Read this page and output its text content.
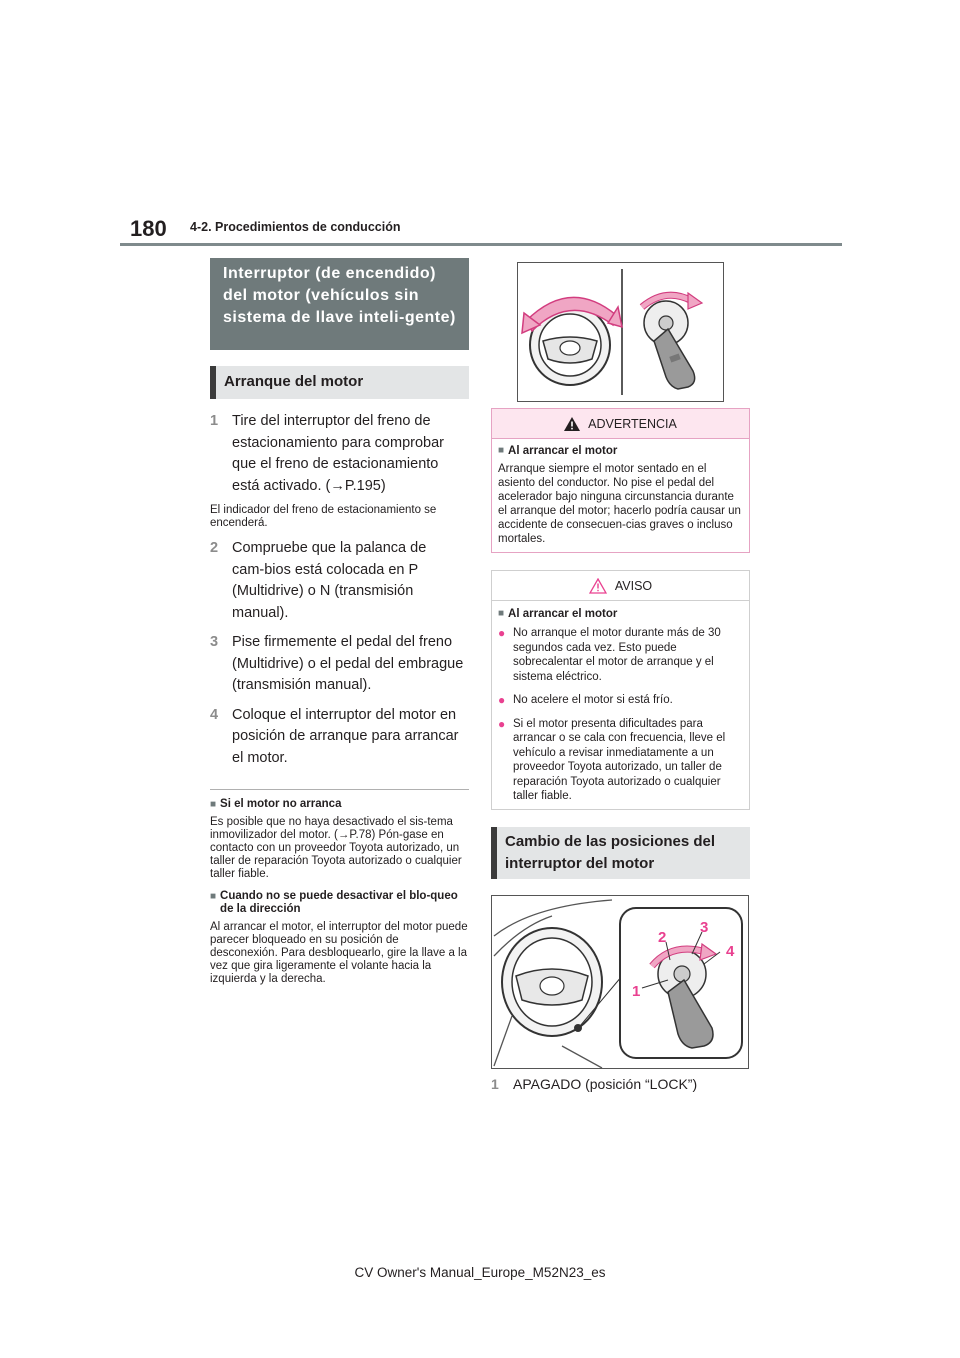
180 4-2. Procedimientos de conducción
Interruptor (de encendido) del motor (vehículos sin sistema de llave inteli-gente)
Arranque del motor
1 Tire del interruptor del freno de estacionamiento para comprobar que el freno de estacionamiento está activado. (→P.195)
El indicador del freno de estacionamiento se encenderá.
2 Compruebe que la palanca de cam-bios está colocada en P (Multidrive) o N (transmisión manual).
3 Pise firmemente el pedal del freno (Multidrive) o el pedal del embrague (transmisión manual).
4 Coloque el interruptor del motor en posición de arranque para arrancar el motor.
■ Si el motor no arranca
Es posible que no haya desactivado el sis-tema inmovilizador del motor. (→P.78) Pón-gase en contacto con un proveedor Toyota autorizado, un taller de reparación Toyota autorizado o cualquier taller fiable.
■ Cuando no se puede desactivar el blo-queo de la dirección
Al arrancar el motor, el interruptor del motor puede parecer bloqueado en su posición de desconexión. Para desbloquearlo, gire la llave a la vez que gira ligeramente el volante hacia la izquierda y la derecha.
ADVERTENCIA
■ Al arrancar el motor
Arranque siempre el motor sentado en el asiento del conductor. No pise el pedal del acelerador bajo ninguna circunstancia durante el arranque del motor; hacerlo podría causar un accidente de consecuen-cias graves o incluso mortales.
AVISO
■ Al arrancar el motor
● No arranque el motor durante más de 30 segundos cada vez. Esto puede sobrecalentar el motor de arranque y el sistema eléctrico.
● No acelere el motor si está frío.
● Si el motor presenta dificultades para arrancar o se cala con frecuencia, lleve el vehículo a revisar inmediatamente a un proveedor Toyota autorizado, un taller de reparación Toyota autorizado o cualquier taller fiable.
Cambio de las posiciones del interruptor del motor
1
2
3
4
1	APAGADO (posición “LOCK”)
CV Owner's Manual_Europe_M52N23_es
